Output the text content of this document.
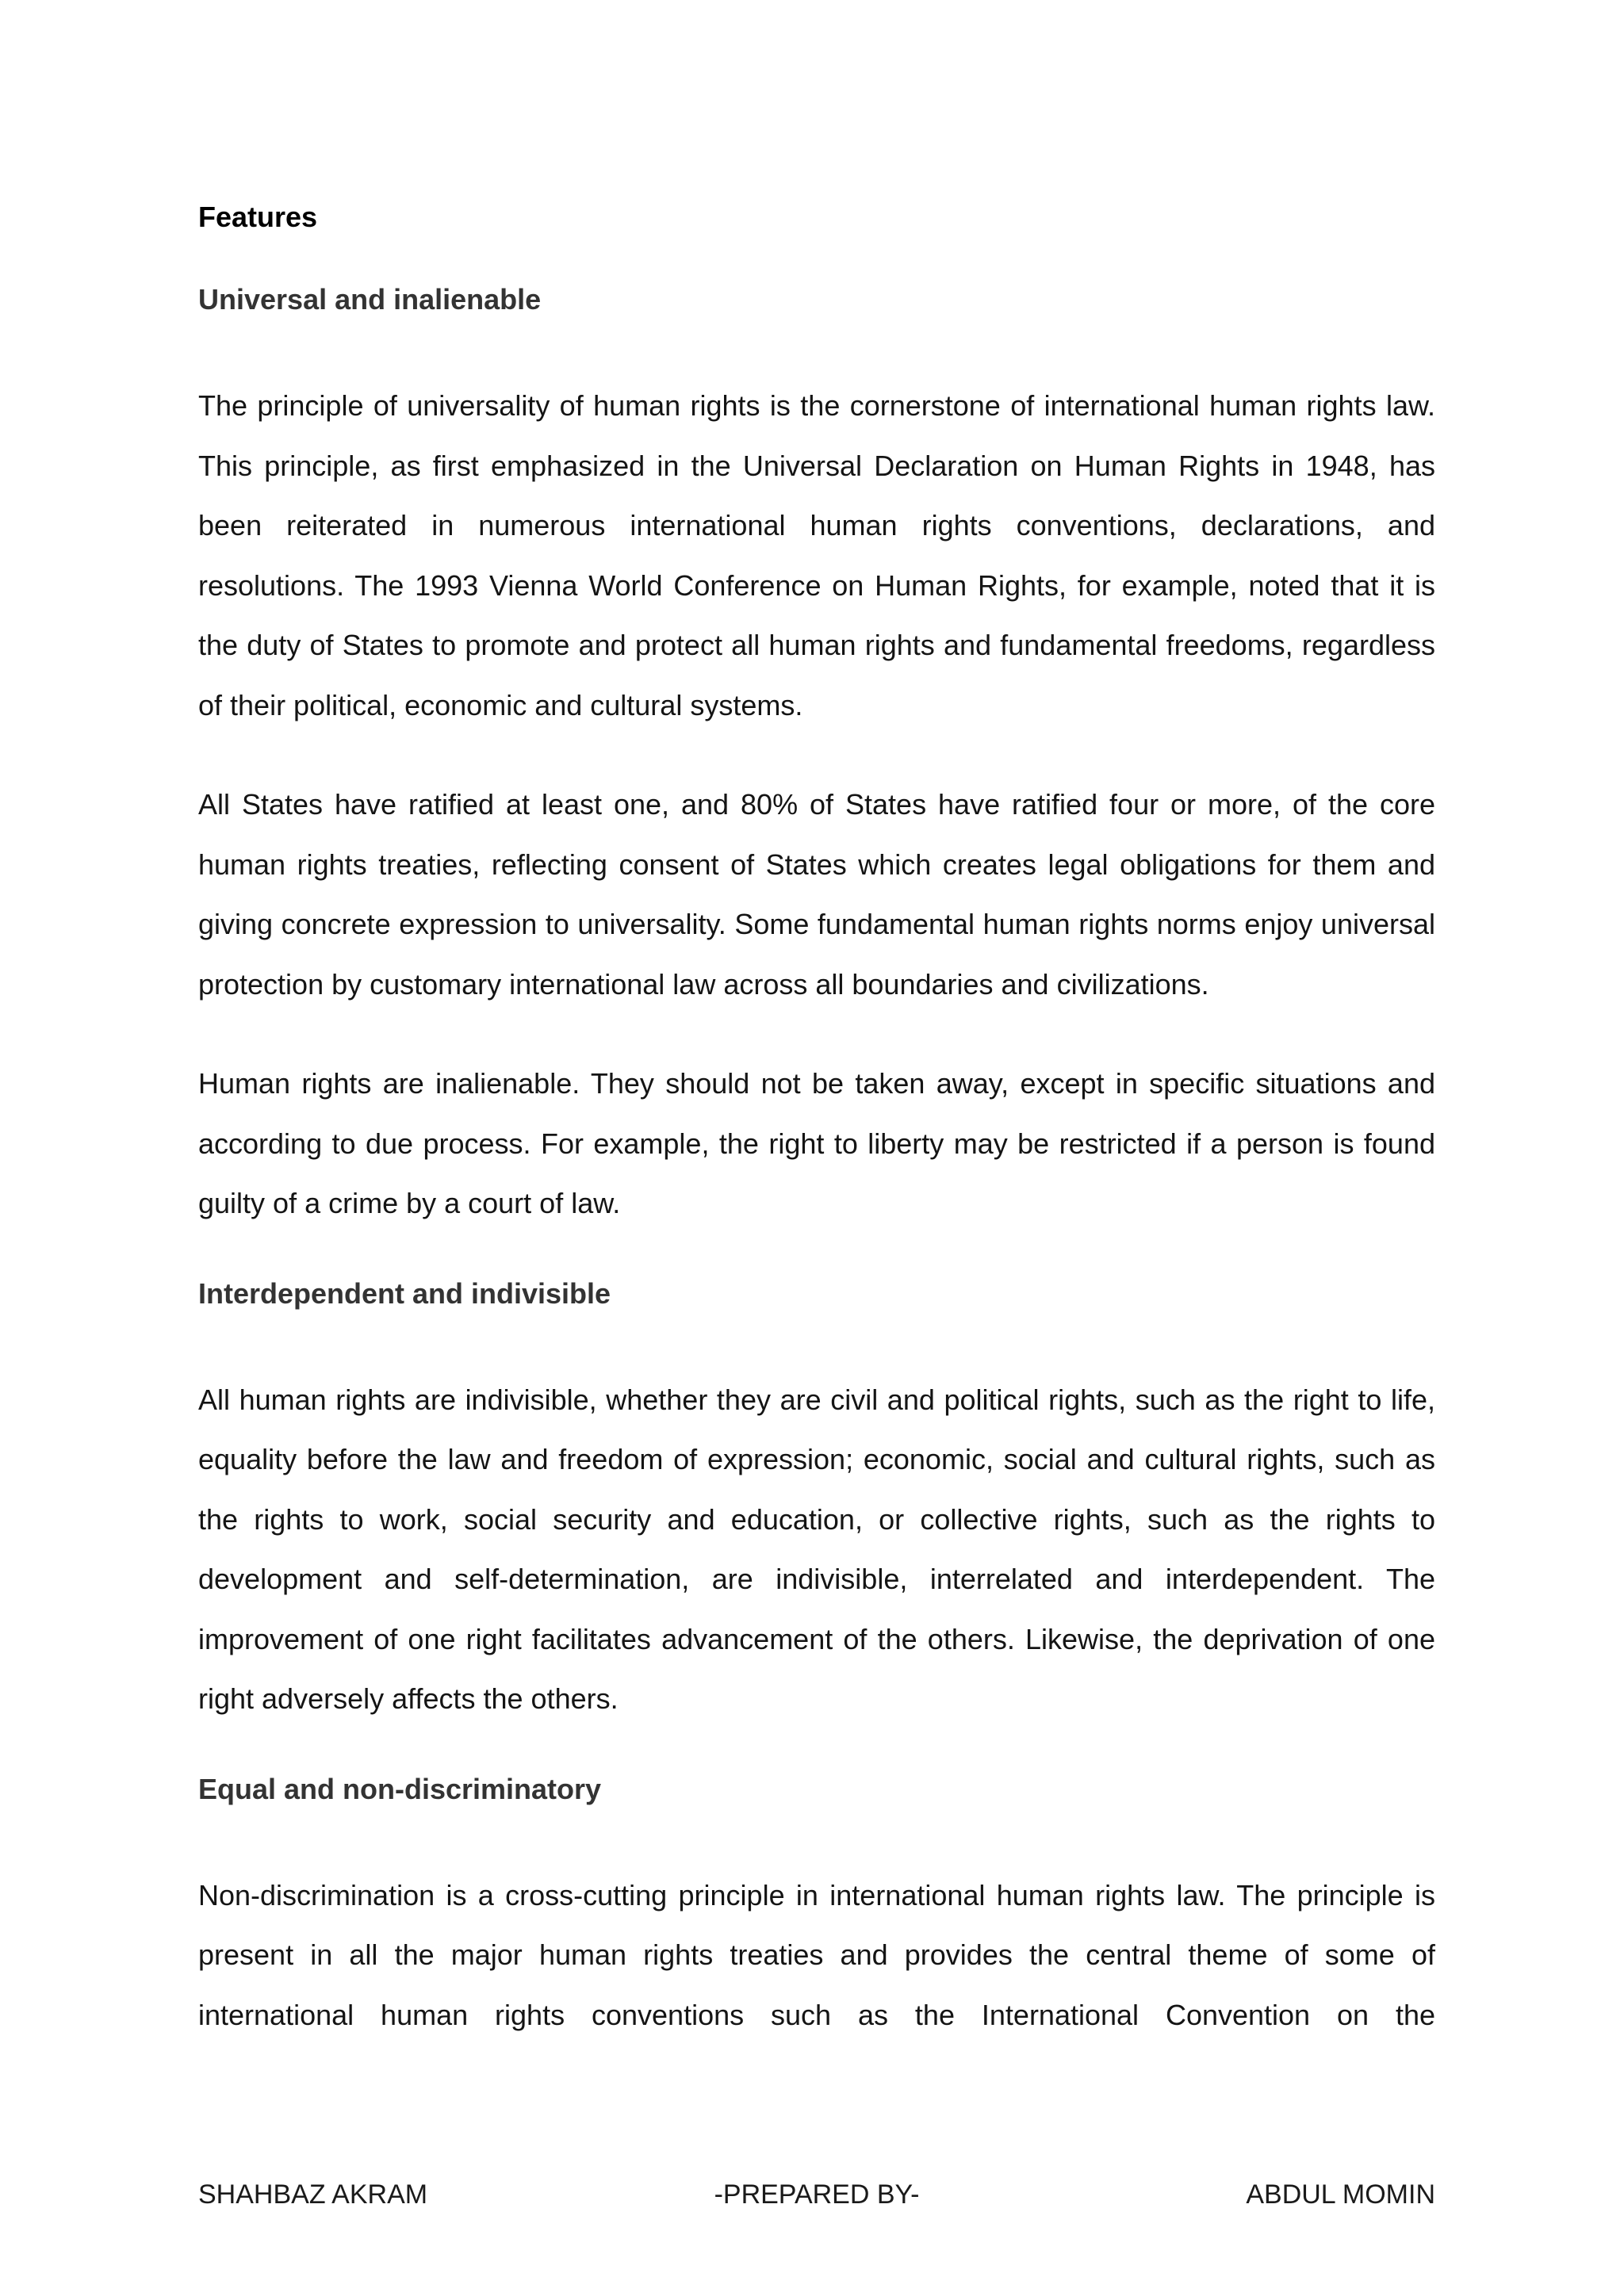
Features
Universal and inalienable

The principle of universality of human rights is the cornerstone of international human rights law. This principle, as first emphasized in the Universal Declaration on Human Rights in 1948, has been reiterated in numerous international human rights conventions, declarations, and resolutions. The 1993 Vienna World Conference on Human Rights, for example, noted that it is the duty of States to promote and protect all human rights and fundamental freedoms, regardless of their political, economic and cultural systems.

All States have ratified at least one, and 80% of States have ratified four or more, of the core human rights treaties, reflecting consent of States which creates legal obligations for them and giving concrete expression to universality. Some fundamental human rights norms enjoy universal protection by customary international law across all boundaries and civilizations.

Human rights are inalienable. They should not be taken away, except in specific situations and according to due process. For example, the right to liberty may be restricted if a person is found guilty of a crime by a court of law.

Interdependent and indivisible

All human rights are indivisible, whether they are civil and political rights, such as the right to life, equality before the law and freedom of expression; economic, social and cultural rights, such as the rights to work, social security and education, or collective rights, such as the rights to development and self-determination, are indivisible, interrelated and interdependent. The improvement of one right facilitates advancement of the others. Likewise, the deprivation of one right adversely affects the others.

Equal and non-discriminatory

Non-discrimination is a cross-cutting principle in international human rights law. The principle is present in all the major human rights treaties and provides the central theme of some of international human rights conventions such as the International Convention on the

SHAHBAZ AKRAM	-PREPARED BY-	ABDUL MOMIN
